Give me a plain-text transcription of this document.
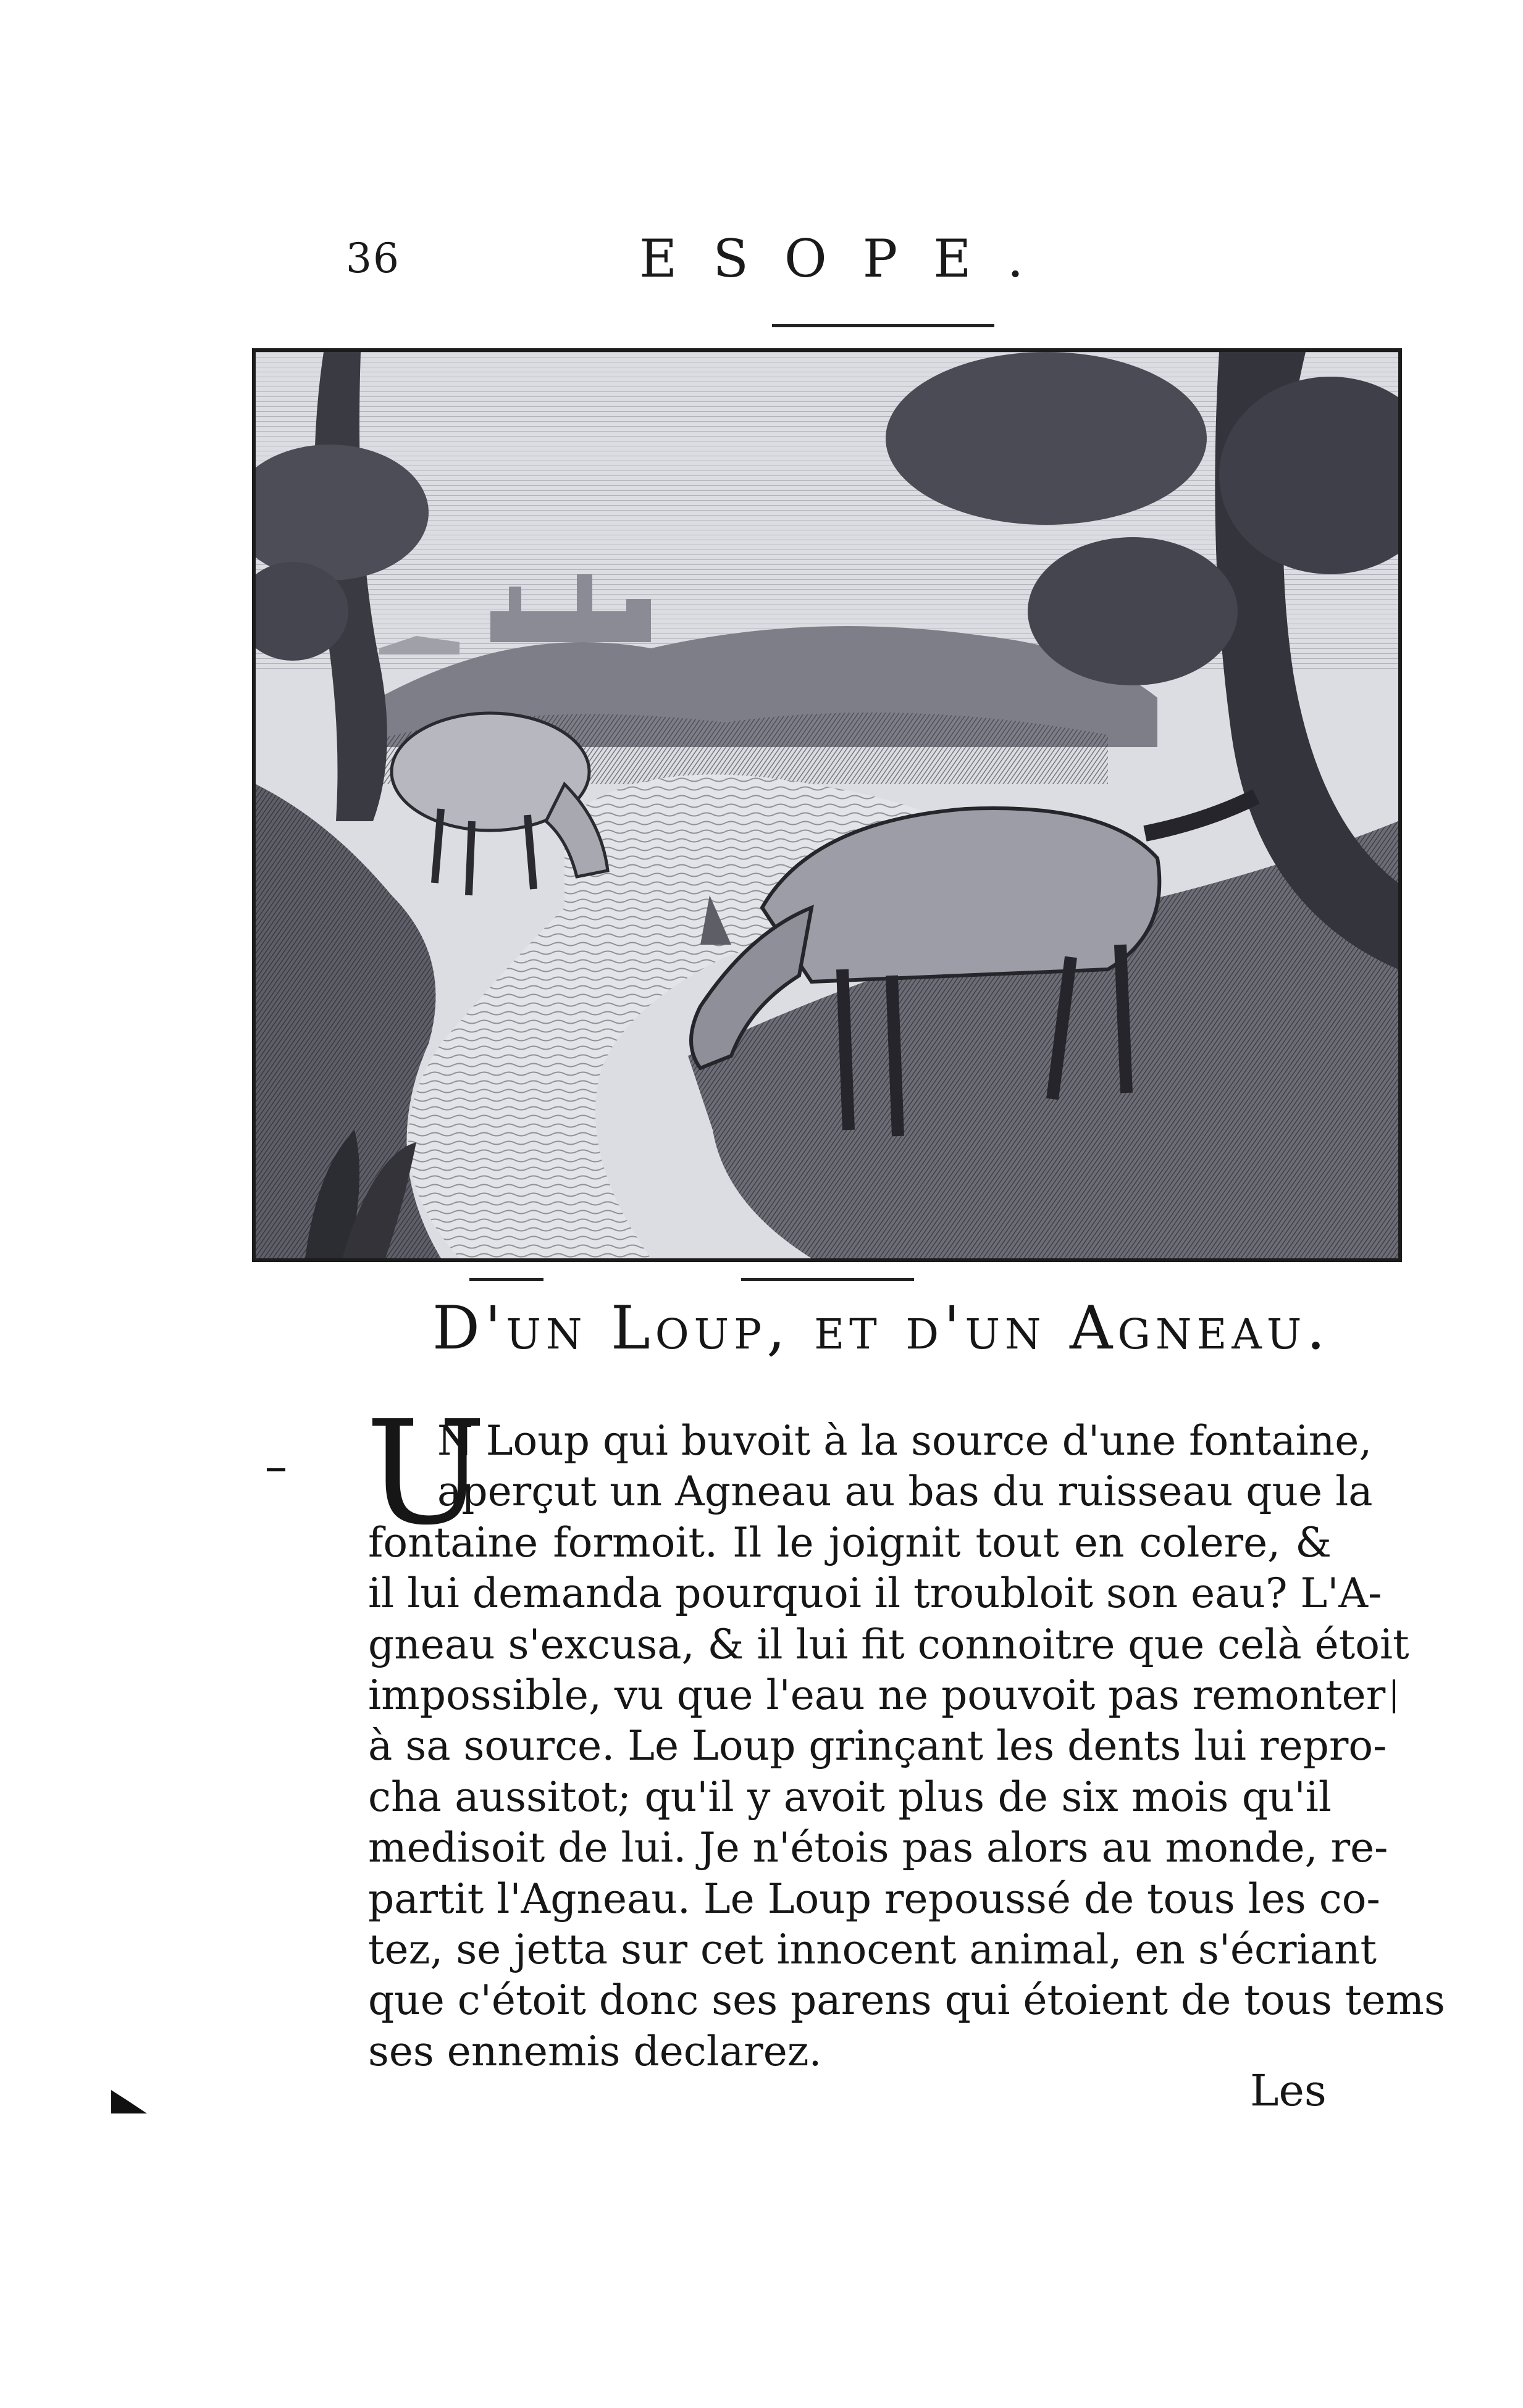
36	ESOPE.
D'un Loup, et d'un Agneau.
U
N Loup qui buvoit à la source d'une fontaine,
aperçut un Agneau au bas du ruisseau que la
fontaine formoit. Il le joignit tout en colere, &
il lui demanda pourquoi il troubloit son eau? L'A-
gneau s'excusa, & il lui fit connoitre que celà étoit
impossible, vu que l'eau ne pouvoit pas remonter
à sa source. Le Loup grinçant les dents lui repro-
cha aussitot; qu'il y avoit plus de six mois qu'il
medisoit de lui. Je n'étois pas alors au monde, re-
partit l'Agneau. Le Loup repoussé de tous les co-
tez, se jetta sur cet innocent animal, en s'écriant
que c'étoit donc ses parens qui étoient de tous tems
ses ennemis declarez.
Les
